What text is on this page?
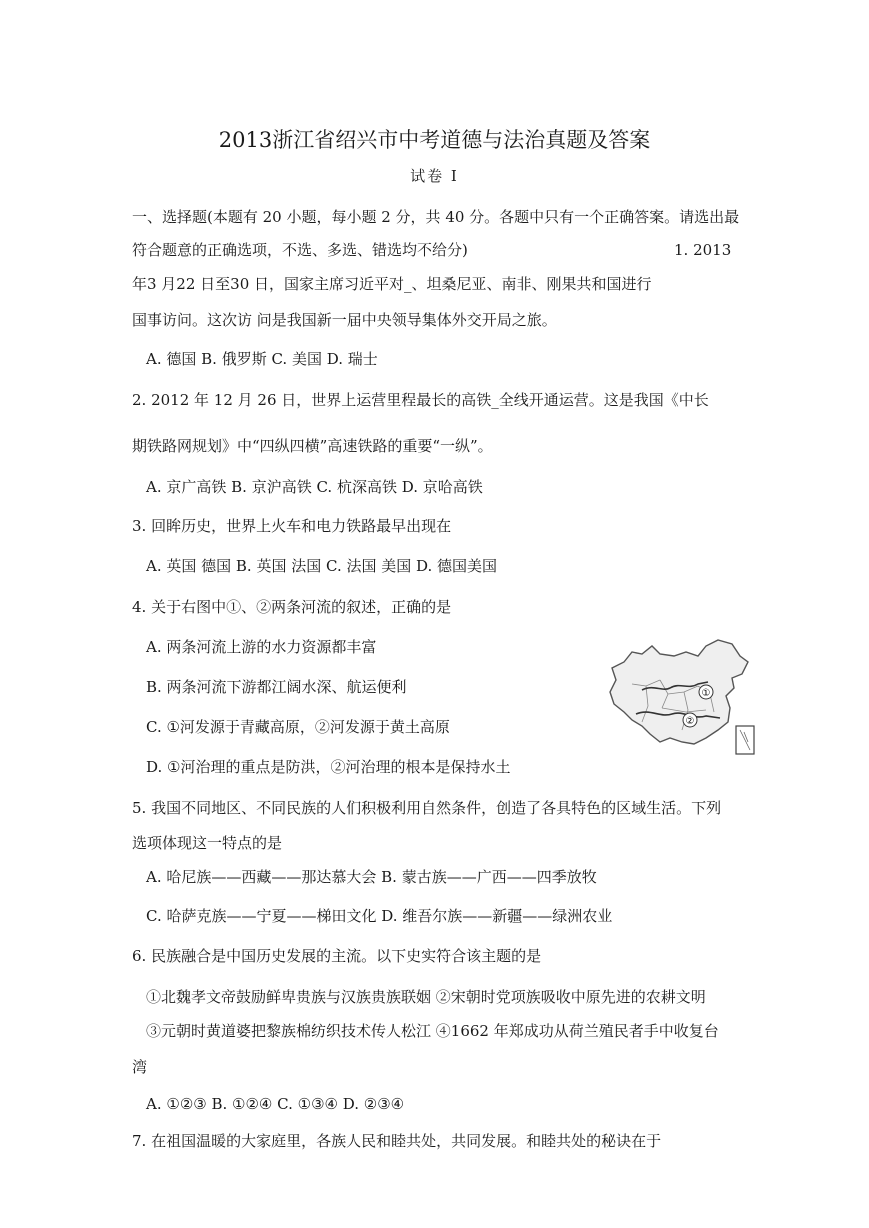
2013浙江省绍兴市中考道德与法治真题及答案
试卷 I
一、选择题(本题有 20 小题，每小题 2 分，共 40 分。各题中只有一个正确答案。请选出最
符合题意的正确选项，不选、多选、错选均不给分)	1. 2013
年3 月22 日至30 日，国家主席习近平对_、坦桑尼亚、南非、刚果共和国进行
国事访问。这次访 问是我国新一届中央领导集体外交开局之旅。
A. 德国 B. 俄罗斯 C. 美国 D. 瑞士
2. 2012 年 12 月 26 日，世界上运营里程最长的高铁_全线开通运营。这是我国《中长
期铁路网规划》中“四纵四横”高速铁路的重要“一纵”。
A. 京广高铁 B. 京沪高铁 C. 杭深高铁 D. 京哈高铁
3. 回眸历史，世界上火车和电力铁路最早出现在
A. 英国 德国 B. 英国 法国 C. 法国 美国 D. 德国美国
4. 关于右图中①、②两条河流的叙述，正确的是
A. 两条河流上游的水力资源都丰富
B. 两条河流下游都江阔水深、航运便利
C. ①河发源于青藏高原，②河发源于黄土高原
D. ①河治理的重点是防洪，②河治理的根本是保持水土
①
②
5. 我国不同地区、不同民族的人们积极利用自然条件，创造了各具特色的区域生活。下列
选项体现这一特点的是
A. 哈尼族——西藏——那达慕大会 B. 蒙古族——广西——四季放牧
C. 哈萨克族——宁夏——梯田文化 D. 维吾尔族——新疆——绿洲农业
6. 民族融合是中国历史发展的主流。以下史实符合该主题的是
①北魏孝文帝鼓励鲜卑贵族与汉族贵族联姻 ②宋朝时党项族吸收中原先进的农耕文明
③元朝时黄道婆把黎族棉纺织技术传人松江 ④1662 年郑成功从荷兰殖民者手中收复台
湾
A. ①②③ B. ①②④ C. ①③④ D. ②③④
7. 在祖国温暖的大家庭里，各族人民和睦共处，共同发展。和睦共处的秘诀在于
